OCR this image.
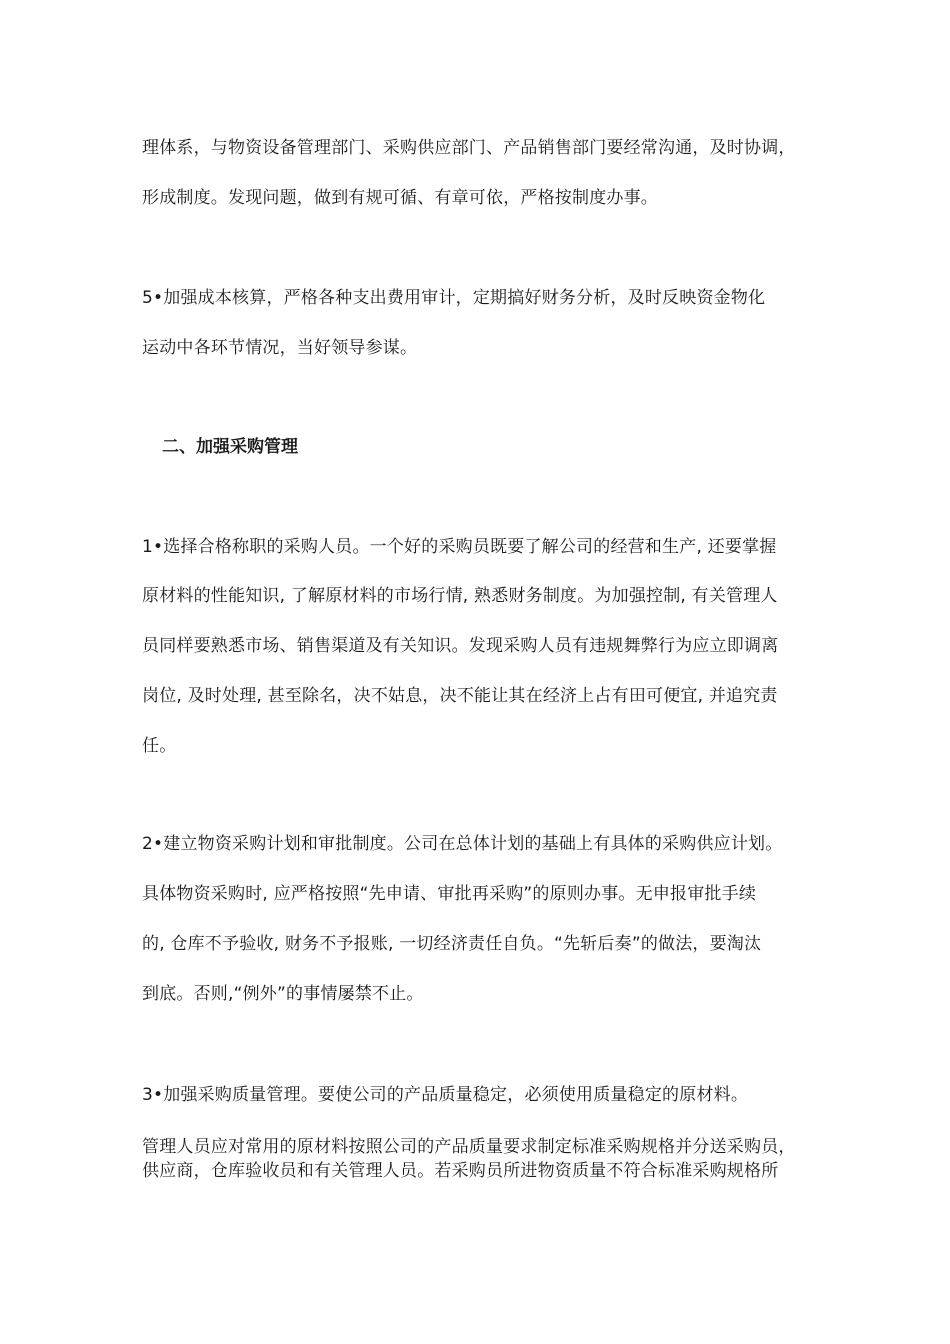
理体系，与物资设备管理部门、采购供应部门、产品销售部门要经常沟通，及时协调，
形成制度。发现问题，做到有规可循、有章可依，严格按制度办事。
5•加强成本核算，严格各种支出费用审计，定期搞好财务分析，及时反映资金物化
运动中各环节情况，当好领导参谋。
二、加强采购管理
1•选择合格称职的采购人员。一个好的采购员既要了解公司的经营和生产, 还要掌握
原材料的性能知识, 了解原材料的市场行情, 熟悉财务制度。为加强控制, 有关管理人
员同样要熟悉市场、销售渠道及有关知识。发现采购人员有违规舞弊行为应立即调离
岗位, 及时处理, 甚至除名，决不姑息，决不能让其在经济上占有田可便宜, 并追究责
任。
2•建立物资采购计划和审批制度。公司在总体计划的基础上有具体的采购供应计划。
具体物资采购时, 应严格按照“先申请、审批再采购”的原则办事。无申报审批手续
的, 仓库不予验收, 财务不予报账, 一切经济责任自负。“先斩后奏”的做法，要淘汰
到底。否则,“例外”的事情屡禁不止。
3•加强采购质量管理。要使公司的产品质量稳定，必须使用质量稳定的原材料。
管理人员应对常用的原材料按照公司的产品质量要求制定标准采购规格并分送采购员，
供应商，仓库验收员和有关管理人员。若采购员所进物资质量不符合标准采购规格所
